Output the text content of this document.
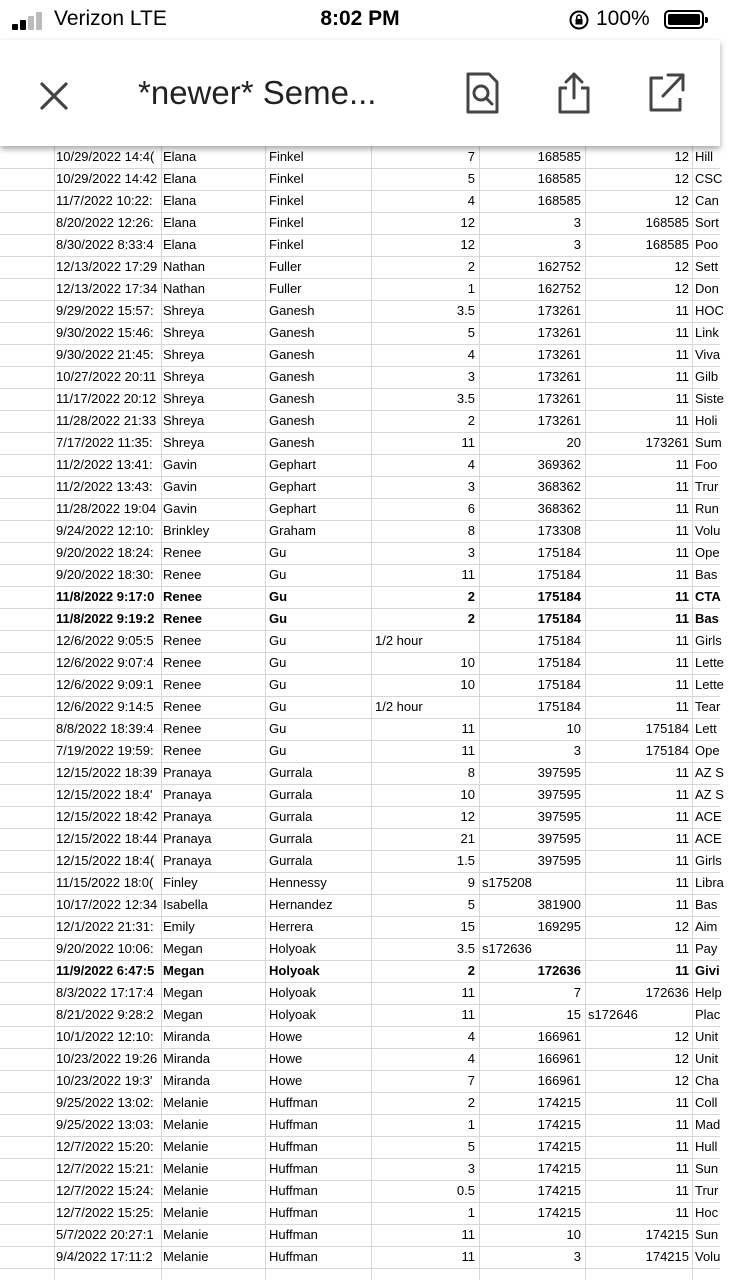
Verizon LTE	8:02 PM	100%
*newer* Seme...
10/29/2022 14:4( Elana	Finkel	7	168585	12 Hill
10/29/2022 14:42 Elana	Finkel	5	168585	12 CSC
11/7/2022 10:22: Elana	Finkel	4	168585	12 Can
8/20/2022 12:26: Elana	Finkel	12	3	168585 Sort
8/30/2022 8:33:4 Elana	Finkel	12	3	168585 Poo
12/13/2022 17:29 Nathan	Fuller	2	162752	12 Sett
12/13/2022 17:34 Nathan	Fuller	1	162752	12 Don
9/29/2022 15:57: Shreya	Ganesh	3.5	173261	11 HOC
9/30/2022 15:46: Shreya	Ganesh	5	173261	11 Link
9/30/2022 21:45: Shreya	Ganesh	4	173261	11 Viva
10/27/2022 20:11 Shreya	Ganesh	3	173261	11 Gilb
11/17/2022 20:12 Shreya	Ganesh	3.5	173261	11 Siste
11/28/2022 21:33 Shreya	Ganesh	2	173261	11 Holi
7/17/2022 11:35: Shreya	Ganesh	11	20	173261 Sum
11/2/2022 13:41: Gavin	Gephart	4	369362	11 Foo
11/2/2022 13:43: Gavin	Gephart	3	368362	11 Trur
11/28/2022 19:04 Gavin	Gephart	6	368362	11 Run
9/24/2022 12:10: Brinkley	Graham	8	173308	11 Volu
9/20/2022 18:24: Renee	Gu	3	175184	11 Ope
9/20/2022 18:30: Renee	Gu	11	175184	11 Bas
11/8/2022 9:17:0 Renee	Gu	2	175184	11 CTA
11/8/2022 9:19:2 Renee	Gu	2	175184	11 Bas
12/6/2022 9:05:5 Renee	Gu	1/2 hour	175184	11 Girls
12/6/2022 9:07:4 Renee	Gu	10	175184	11 Lette
12/6/2022 9:09:1 Renee	Gu	10	175184	11 Lette
12/6/2022 9:14:5 Renee	Gu	1/2 hour	175184	11 Tear
8/8/2022 18:39:4 Renee	Gu	11	10	175184 Lett
7/19/2022 19:59: Renee	Gu	11	3	175184 Ope
12/15/2022 18:39 Pranaya	Gurrala	8	397595	11 AZ S
12/15/2022 18:4' Pranaya	Gurrala	10	397595	11 AZ S
12/15/2022 18:42 Pranaya	Gurrala	12	397595	11 ACE
12/15/2022 18:44 Pranaya	Gurrala	21	397595	11 ACE
12/15/2022 18:4( Pranaya	Gurrala	1.5	397595	11 Girls
11/15/2022 18:0( Finley	Hennessy	9 s175208	11 Libra
10/17/2022 12:34 Isabella	Hernandez	5	381900	11 Bas
12/1/2022 21:31: Emily	Herrera	15	169295	12 Aim
9/20/2022 10:06: Megan	Holyoak	3.5 s172636	11 Pay
11/9/2022 6:47:5 Megan	Holyoak	2	172636	11 Givi
8/3/2022 17:17:4 Megan	Holyoak	11	7	172636 Help
8/21/2022 9:28:2 Megan	Holyoak	11	15 s172646	Plac
10/1/2022 12:10: Miranda	Howe	4	166961	12 Unit
10/23/2022 19:26 Miranda	Howe	4	166961	12 Unit
10/23/2022 19:3' Miranda	Howe	7	166961	12 Cha
9/25/2022 13:02: Melanie	Huffman	2	174215	11 Coll
9/25/2022 13:03: Melanie	Huffman	1	174215	11 Mad
12/7/2022 15:20: Melanie	Huffman	5	174215	11 Hull
12/7/2022 15:21: Melanie	Huffman	3	174215	11 Sun
12/7/2022 15:24: Melanie	Huffman	0.5	174215	11 Trur
12/7/2022 15:25: Melanie	Huffman	1	174215	11 Hoc
5/7/2022 20:27:1 Melanie	Huffman	11	10	174215 Sun
9/4/2022 17:11:2 Melanie	Huffman	11	3	174215 Volu
